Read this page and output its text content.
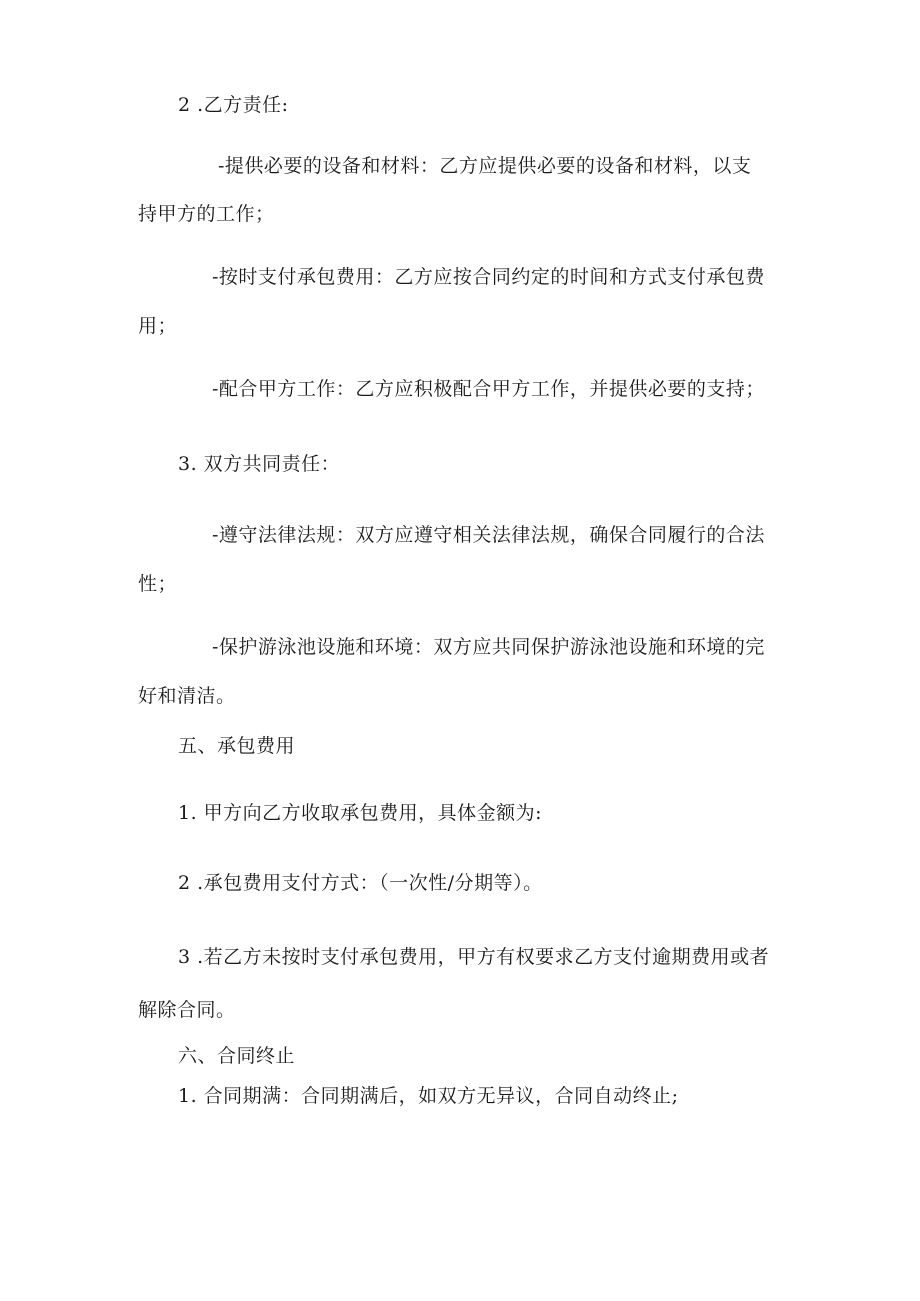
2 .乙方责任:
-提供必要的设备和材料：乙方应提供必要的设备和材料，以支
持甲方的工作；
-按时支付承包费用：乙方应按合同约定的时间和方式支付承包费
用；
-配合甲方工作：乙方应积极配合甲方工作，并提供必要的支持；
3. 双方共同责任：
-遵守法律法规：双方应遵守相关法律法规，确保合同履行的合法
性；
-保护游泳池设施和环境：双方应共同保护游泳池设施和环境的完
好和清洁。
五、承包费用
1. 甲方向乙方收取承包费用，具体金额为:
2 .承包费用支付方式：（一次性/分期等）。
3 .若乙方未按时支付承包费用，甲方有权要求乙方支付逾期费用或者
解除合同。
六、合同终止
1. 合同期满：合同期满后，如双方无异议，合同自动终止;
